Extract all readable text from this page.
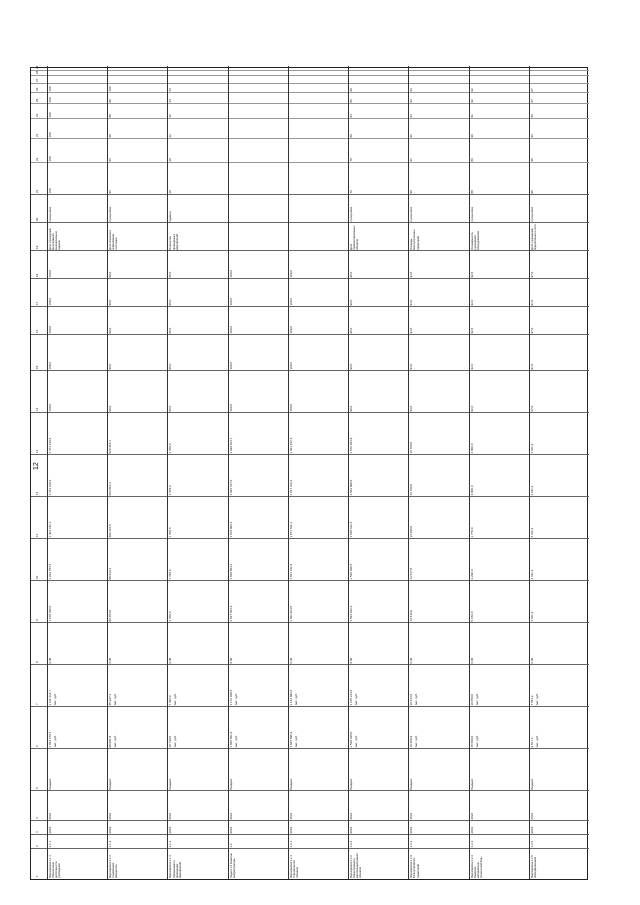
12
1
2
3
4
5
6
7
8
9
10
11
12
13
14
15
16
17
18
19
20
21
22
23
24
25
26
27
28
29
Мероприятие 1.1.1 Обеспечение деятельности учреждений
1.1.1
2019
2024
Бюджет
1 964 479,1 тыс. руб.
1 111 614,7 тыс. руб.
0,00
1 168 456,0
1 232 754,4
1 303 441,1
1 373 219,6
1 373 219,6
100,0
100,0
100,0
100,0
100,0
процентов
100
100
100
100
100
100
Доля учреждений, выполнивших муниципальное задание
Мероприятие 1.1.2 Содержание имущества
1.1.2
2019
2024
Бюджет
98 081,8 тыс. руб.
45 327,1 тыс. руб.
0,00
86 654,0
88 013,3
490 121,5
503 816,4
520 315,3
99,0
99,0
99,0
99,0
99,0
процентов
96
96
98
98
99
100
Доля объектов в нормативном состоянии
Мероприятие 1.1.3 Организация и проведение мероприятий
1.1.3
2019
2024
Бюджет
10 749,5 тыс. руб.
7 356,0 тыс. руб.
0,00
1 709,6
1 709,6
1 709,6
1 709,6
1 709,6
95,0
95,0
95,0
95,0
95,0
единиц
30
30
32
32
34
34
Количество проведённых мероприятий
Задача 1.2 Развитие инфраструктуры
1.2
2019
2024
Бюджет
1 865 401,6 тыс. руб.
1 172 948,6 тыс. руб.
0,00
1 817 654,4
1 849 854,3
1 879 009,1
1 925 417,0
1 929 814,7
100,0
100,0
100,0
100,0
100,0
Мероприятие 1.2.1 Строительство объектов
1.2.1
2019
2024
Бюджет
1 846 895,2 тыс. руб.
1 164 893,6 тыс. руб.
0,00
1 811 924,5
1 841 612,4
1 871 611,1
1 917 316,2
1 921 512,4
100,0
100,0
100,0
100,0
100,0
Мероприятие 1.2.2 Реконструкция и капитальный ремонт объектов
1.2.2
2019
2024
Бюджет
1 548 325,0 тыс. руб.
1 145 214,0 тыс. руб.
0,00
1 524 012,6
1 535 408,6
1 548 612,4
1 562 008,0
1 570 204,8
90,0
90,0
90,0
90,0
90,0
процентов
76
78
80
84
86
90
Доля отремонтированных объектов
Мероприятие 1.2.3 Благоустройство территорий
1.2.3
2019
2024
Бюджет
16 600,9 тыс. руб.
19 413,0 тыс. руб.
0,00
13 516,0
13 517,8
14 250,0
16 700,0
16 700,0
93,0
93,0
93,0
93,0
93,0
процентов
90
91
92
93
93
93
Площадь благоустроенных территорий
Мероприятие 1.2.4 Развитие материально-технической базы
1.2.4
2019
2024
Бюджет
15 000,0 тыс. руб.
10 650,0 тыс. руб.
0,00
5 150,0
3 290,0
3 770,0
4 000,0
4 000,0
92,0
92,0
92,0
92,0
92,0
процентов
88
89
90
91
92
92
Оснащённость учреждений оборудованием
Мероприятие 1.2.5 Информатизация
1.2.5
2019
2024
Бюджет
9 817,4 тыс. руб.
7 651,2 тыс. руб.
0,00
4 611,2
4 611,2
4 611,2
4 611,2
4 611,2
97,0
97,0
97,0
97,0
97,0
процентов
95
95
96
96
97
97
Доля учреждений, подключённых к сети
